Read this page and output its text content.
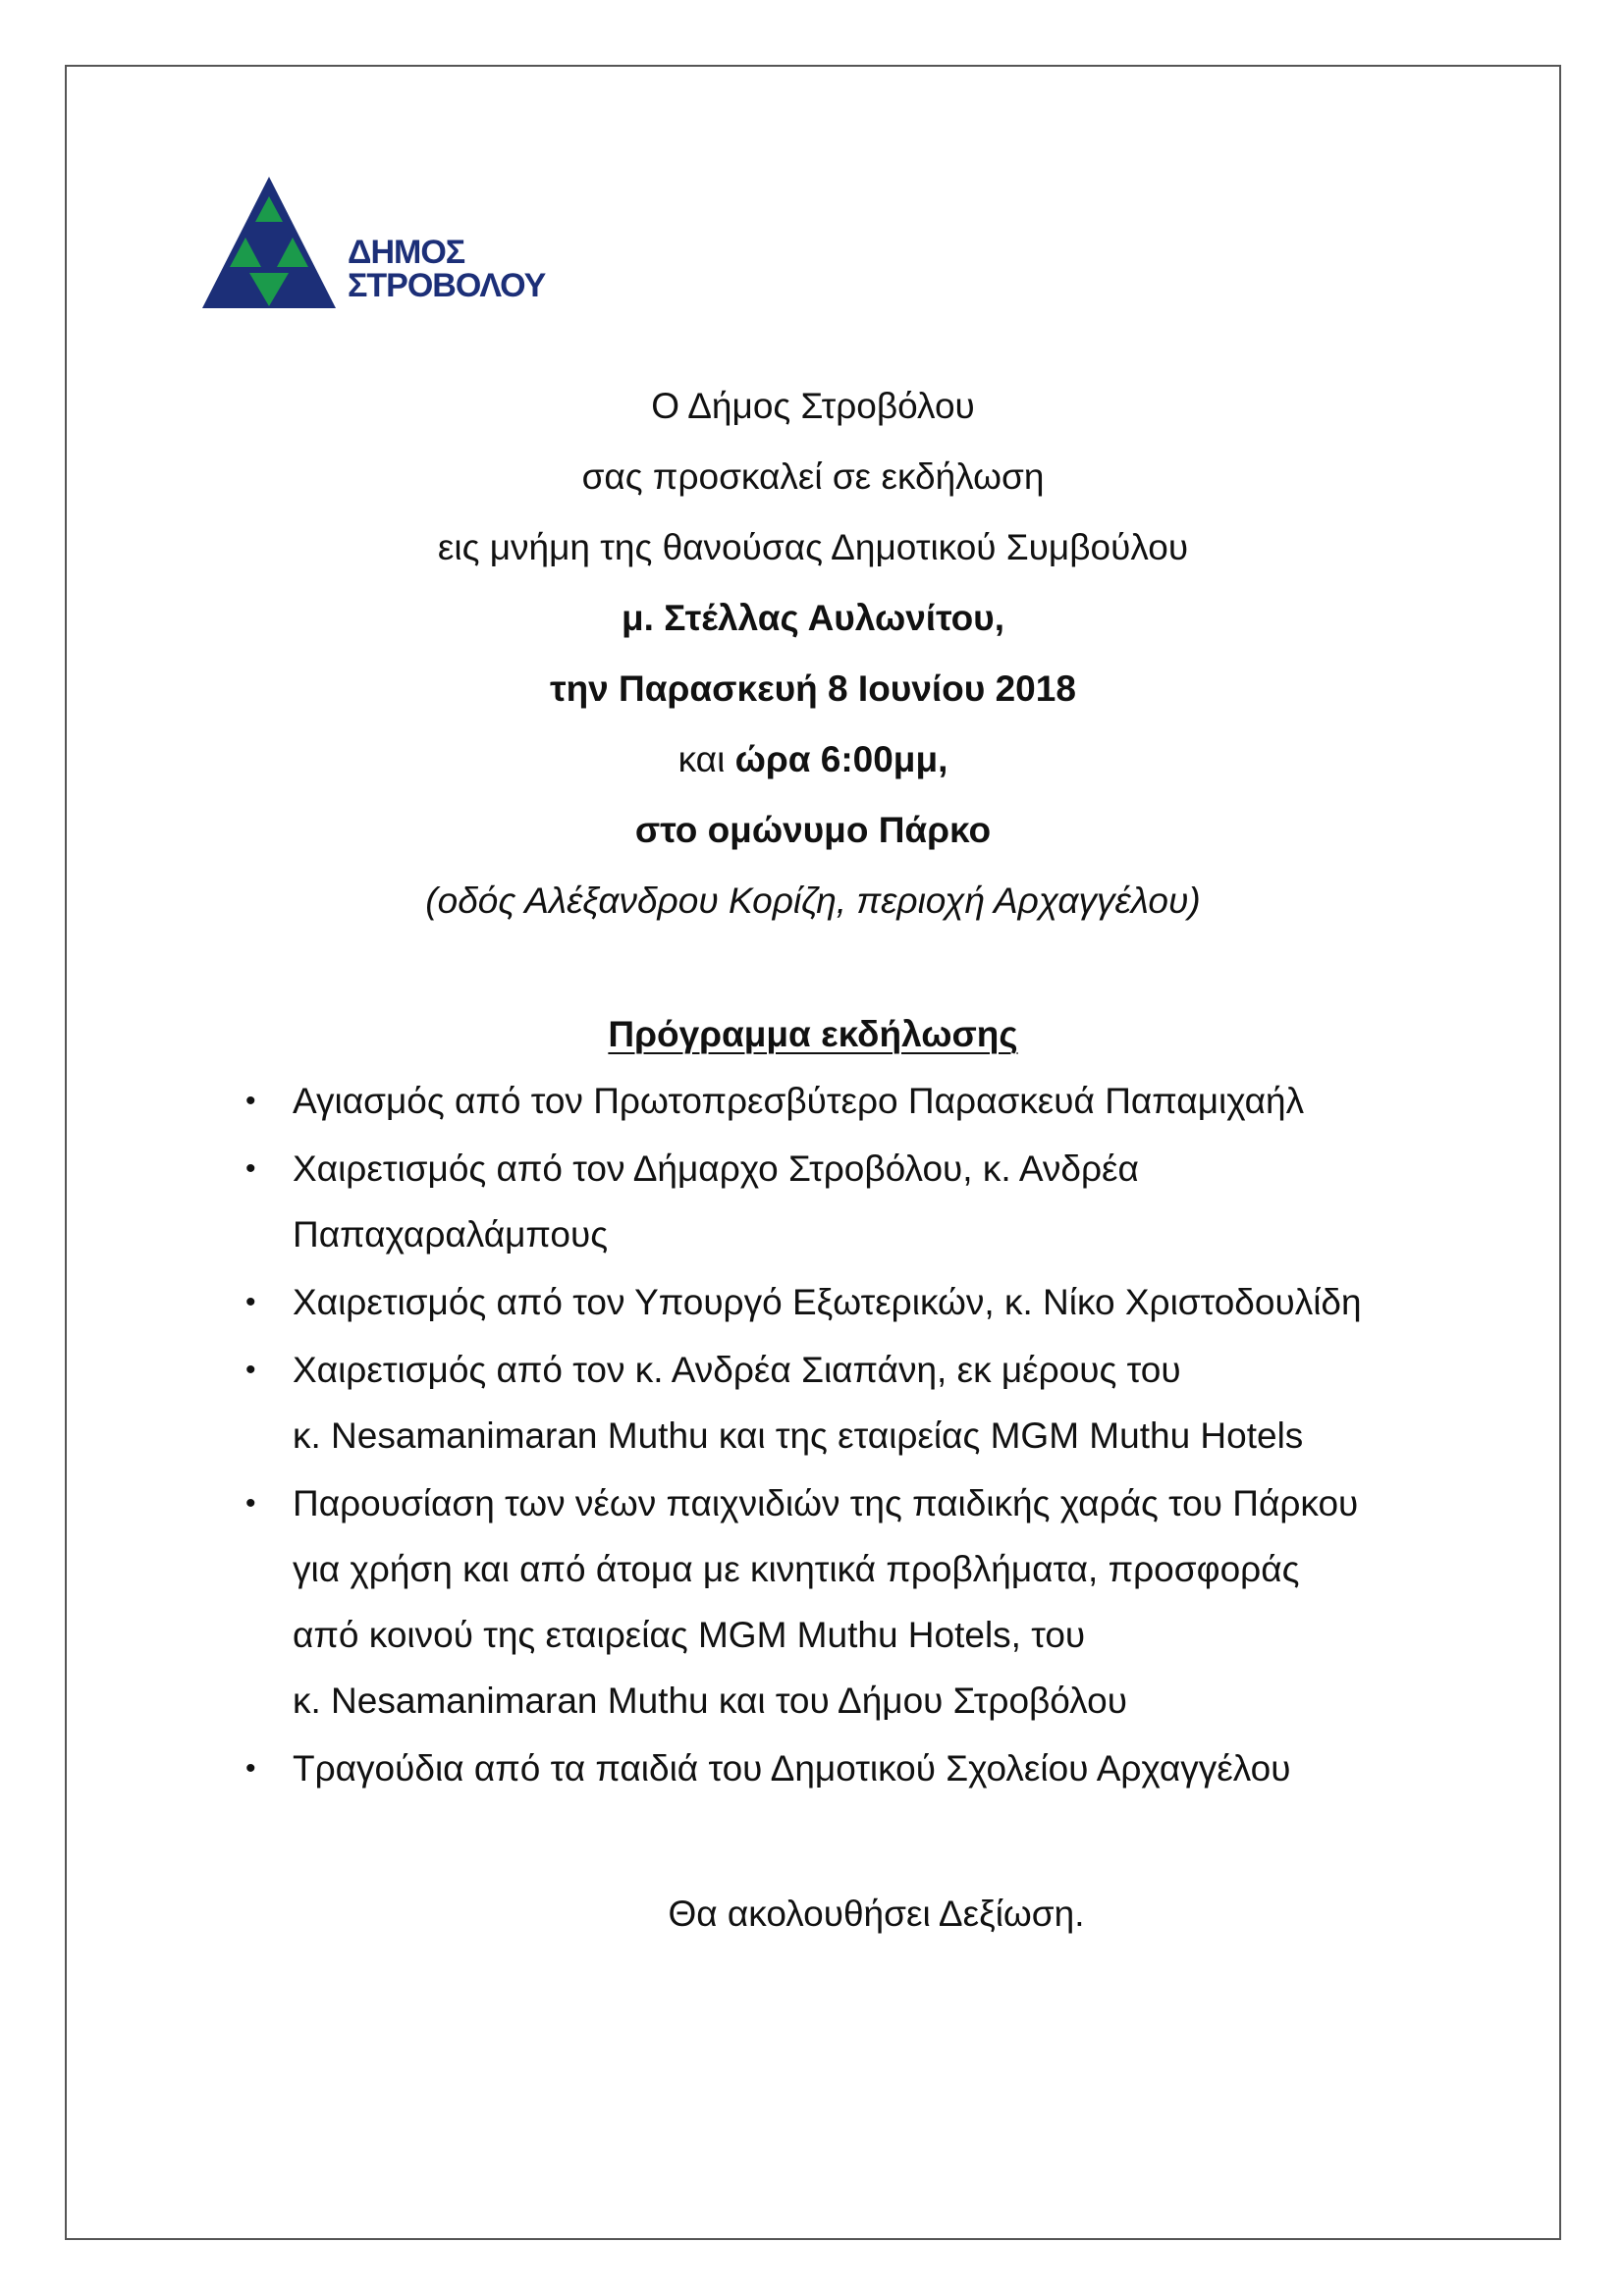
ΔΗΜΟΣ
ΣΤΡΟΒΟΛΟΥ

Ο Δήμος Στροβόλου

σας προσκαλεί σε εκδήλωση

εις μνήμη της θανούσας Δημοτικού Συμβούλου

μ. Στέλλας Αυλωνίτου,

την Παρασκευή 8 Ιουνίου 2018

και ώρα 6:00μμ,

στο ομώνυμο Πάρκο

(οδός Αλέξανδρου Κορίζη, περιοχή Αρχαγγέλου)

Πρόγραμμα εκδήλωσης

• Αγιασμός από τον Πρωτοπρεσβύτερο Παρασκευά Παπαμιχαήλ
• Χαιρετισμός από τον Δήμαρχο Στροβόλου, κ. Ανδρέα
Παπαχαραλάμπους
• Χαιρετισμός από τον Υπουργό Εξωτερικών, κ. Νίκο Χριστοδουλίδη
• Χαιρετισμός από τον κ. Ανδρέα Σιαπάνη, εκ μέρους του
κ. Nesamanimaran Muthu και της εταιρείας MGM Muthu Hotels
• Παρουσίαση των νέων παιχνιδιών της παιδικής χαράς του Πάρκου
για χρήση και από άτομα με κινητικά προβλήματα, προσφοράς
από κοινού της εταιρείας MGM Muthu Hotels, του
κ. Nesamanimaran Muthu και του Δήμου Στροβόλου
• Τραγούδια από τα παιδιά του Δημοτικού Σχολείου Αρχαγγέλου

Θα ακολουθήσει Δεξίωση.
